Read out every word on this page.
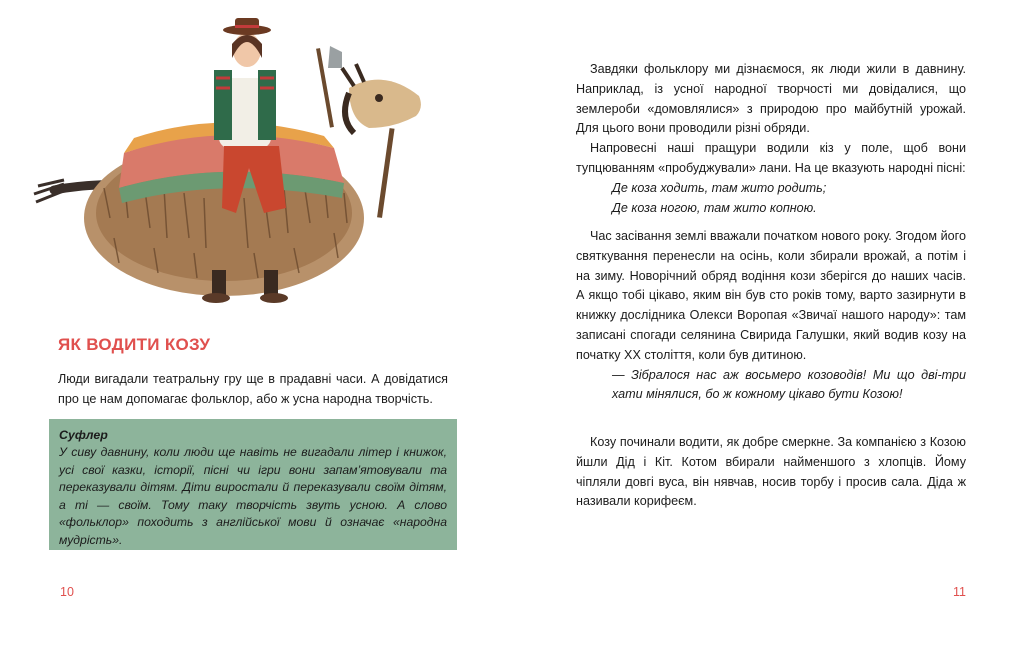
ЯК ВОДИТИ КОЗУ
Люди вигадали театральну гру ще в прадавні часи. А довідатися про це нам допомагає фольклор, або ж усна народна творчість.
Суфлер
У сиву давнину, коли люди ще навіть не вигадали літер і книжок, усі свої казки, історії, пісні чи ігри вони запам’ятовували та переказували дітям. Діти виростали й переказували своїм дітям, а ті — своїм. Тому таку творчість звуть усною. А слово «фольклор» походить з англійської мови й означає «народна мудрість».
10

Завдяки фольклору ми дізнаємося, як люди жили в давнину. Наприклад, із усної народної творчості ми довідалися, що землероби «домовлялися» з природою про майбутній урожай. Для цього вони проводили різні обряди.

Напровесні наші пращури водили кіз у поле, щоб вони тупцюванням «пробуджували» лани. На це вказують народні пісні:

Де коза ходить, там жито родить;

Де коза ногою, там жито копною.

Час засівання землі вважали початком нового року. Згодом його святкування перенесли на осінь, коли збирали врожай, а потім і на зиму. Новорічний обряд водіння кози зберігся до наших часів. А якщо тобі цікаво, яким він був сто років тому, варто зазирнути в книжку дослідника Олекси Воропая «Звичаї нашого народу»: там записані спогади селянина Свирида Галушки, який водив козу на початку ХХ століття, коли був дитиною.

— Зібралося нас аж восьмеро козоводів! Ми що дві-три хати мінялися, бо ж кожному цікаво бути Козою!

Козу починали водити, як добре смеркне. За компанією з Козою йшли Дід і Кіт. Котом вбирали найменшого з хлопців. Йому чіпляли довгі вуса, він нявчав, носив торбу і просив сала. Діда ж називали корифеєм.

11
